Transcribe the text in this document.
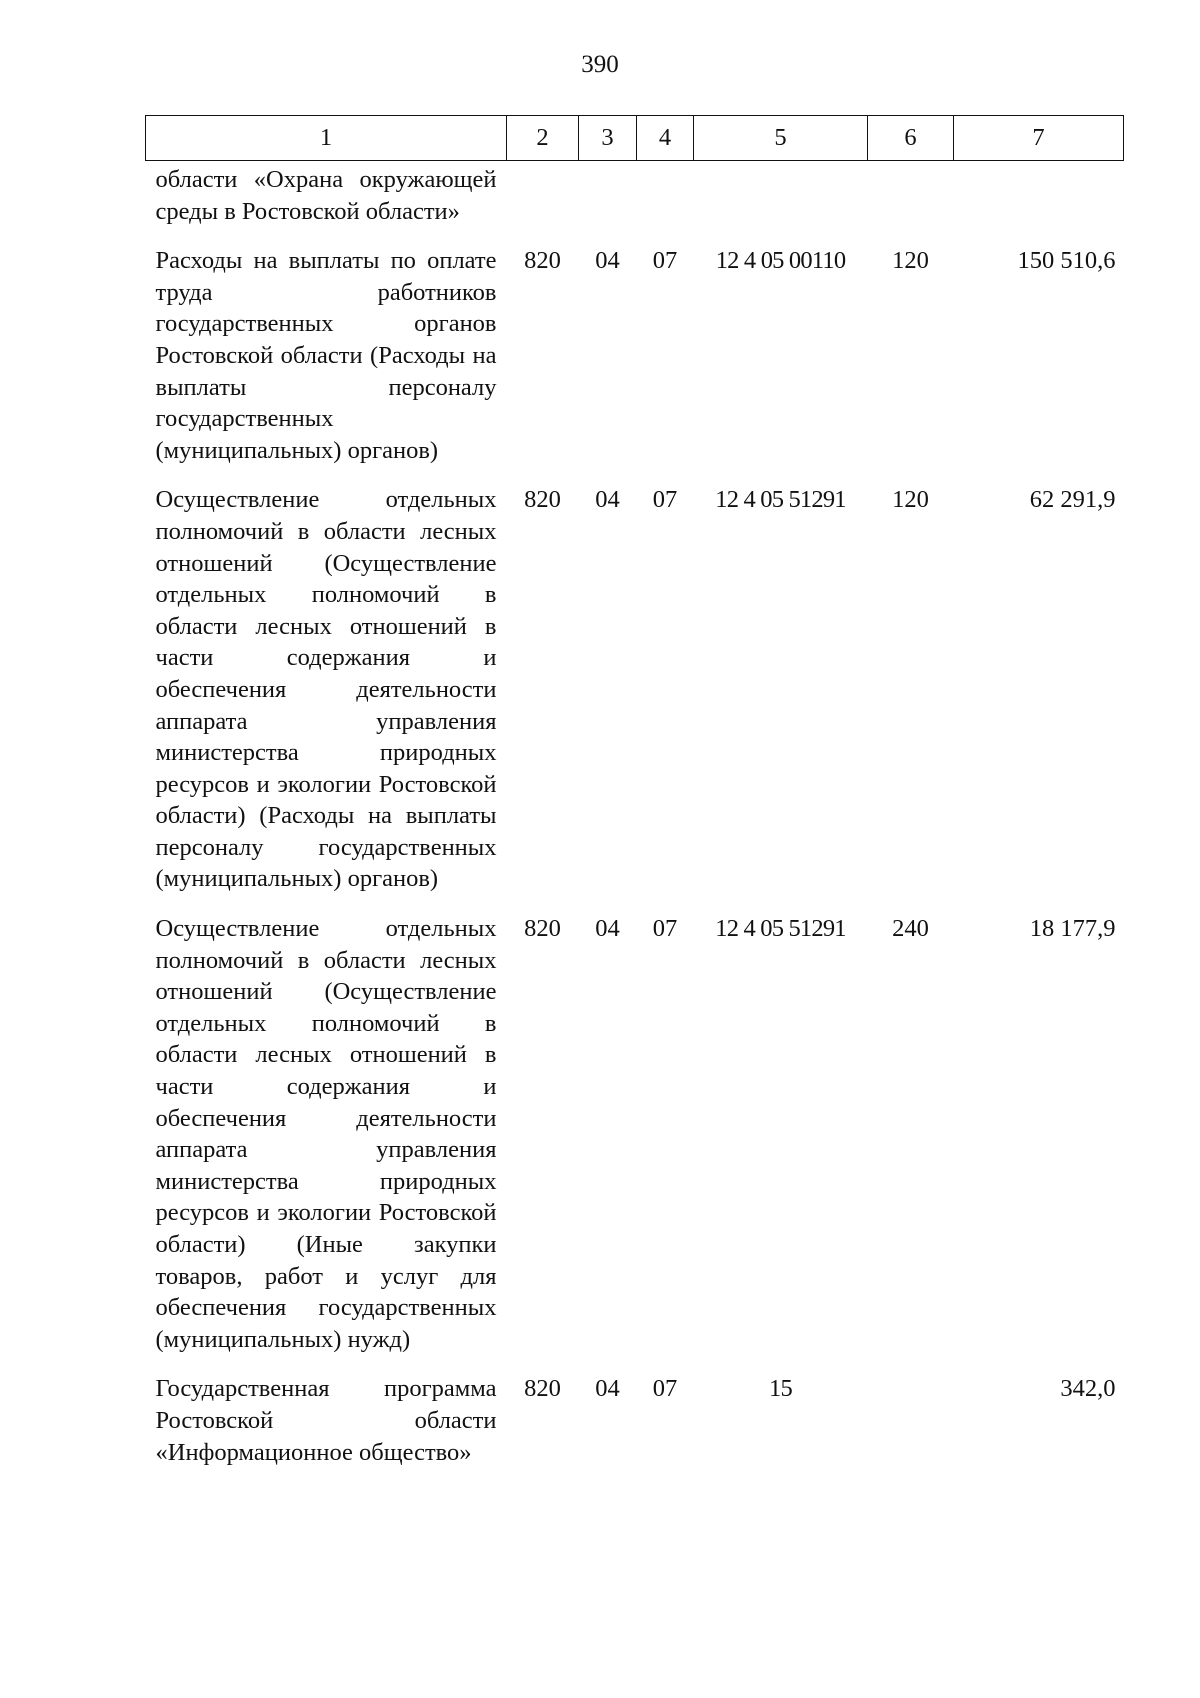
390
1	2	3	4	5	6	7
области «Охрана окружающей среды в Ростовской области»						
Расходы на выплаты по оплате труда работников государственных органов Ростовской области (Расходы на выплаты персоналу государственных (муниципальных) органов)	820	04	07	12 4 05 00110	120	150 510,6
Осуществление отдельных полномочий в области лесных отношений (Осуществление отдельных полномочий в области лесных отношений в части содержания и обеспечения деятельности аппарата управления министерства природных ресурсов и экологии Ростовской области) (Расходы на выплаты персоналу государственных (муниципальных) органов)	820	04	07	12 4 05 51291	120	62 291,9
Осуществление отдельных полномочий в области лесных отношений (Осуществление отдельных полномочий в области лесных отношений в части содержания и обеспечения деятельности аппарата управления министерства природных ресурсов и экологии Ростовской области) (Иные закупки товаров, работ и услуг для обеспечения государственных (муниципальных) нужд)	820	04	07	12 4 05 51291	240	18 177,9
Государственная программа Ростовской области «Информационное общество»	820	04	07	15		342,0
